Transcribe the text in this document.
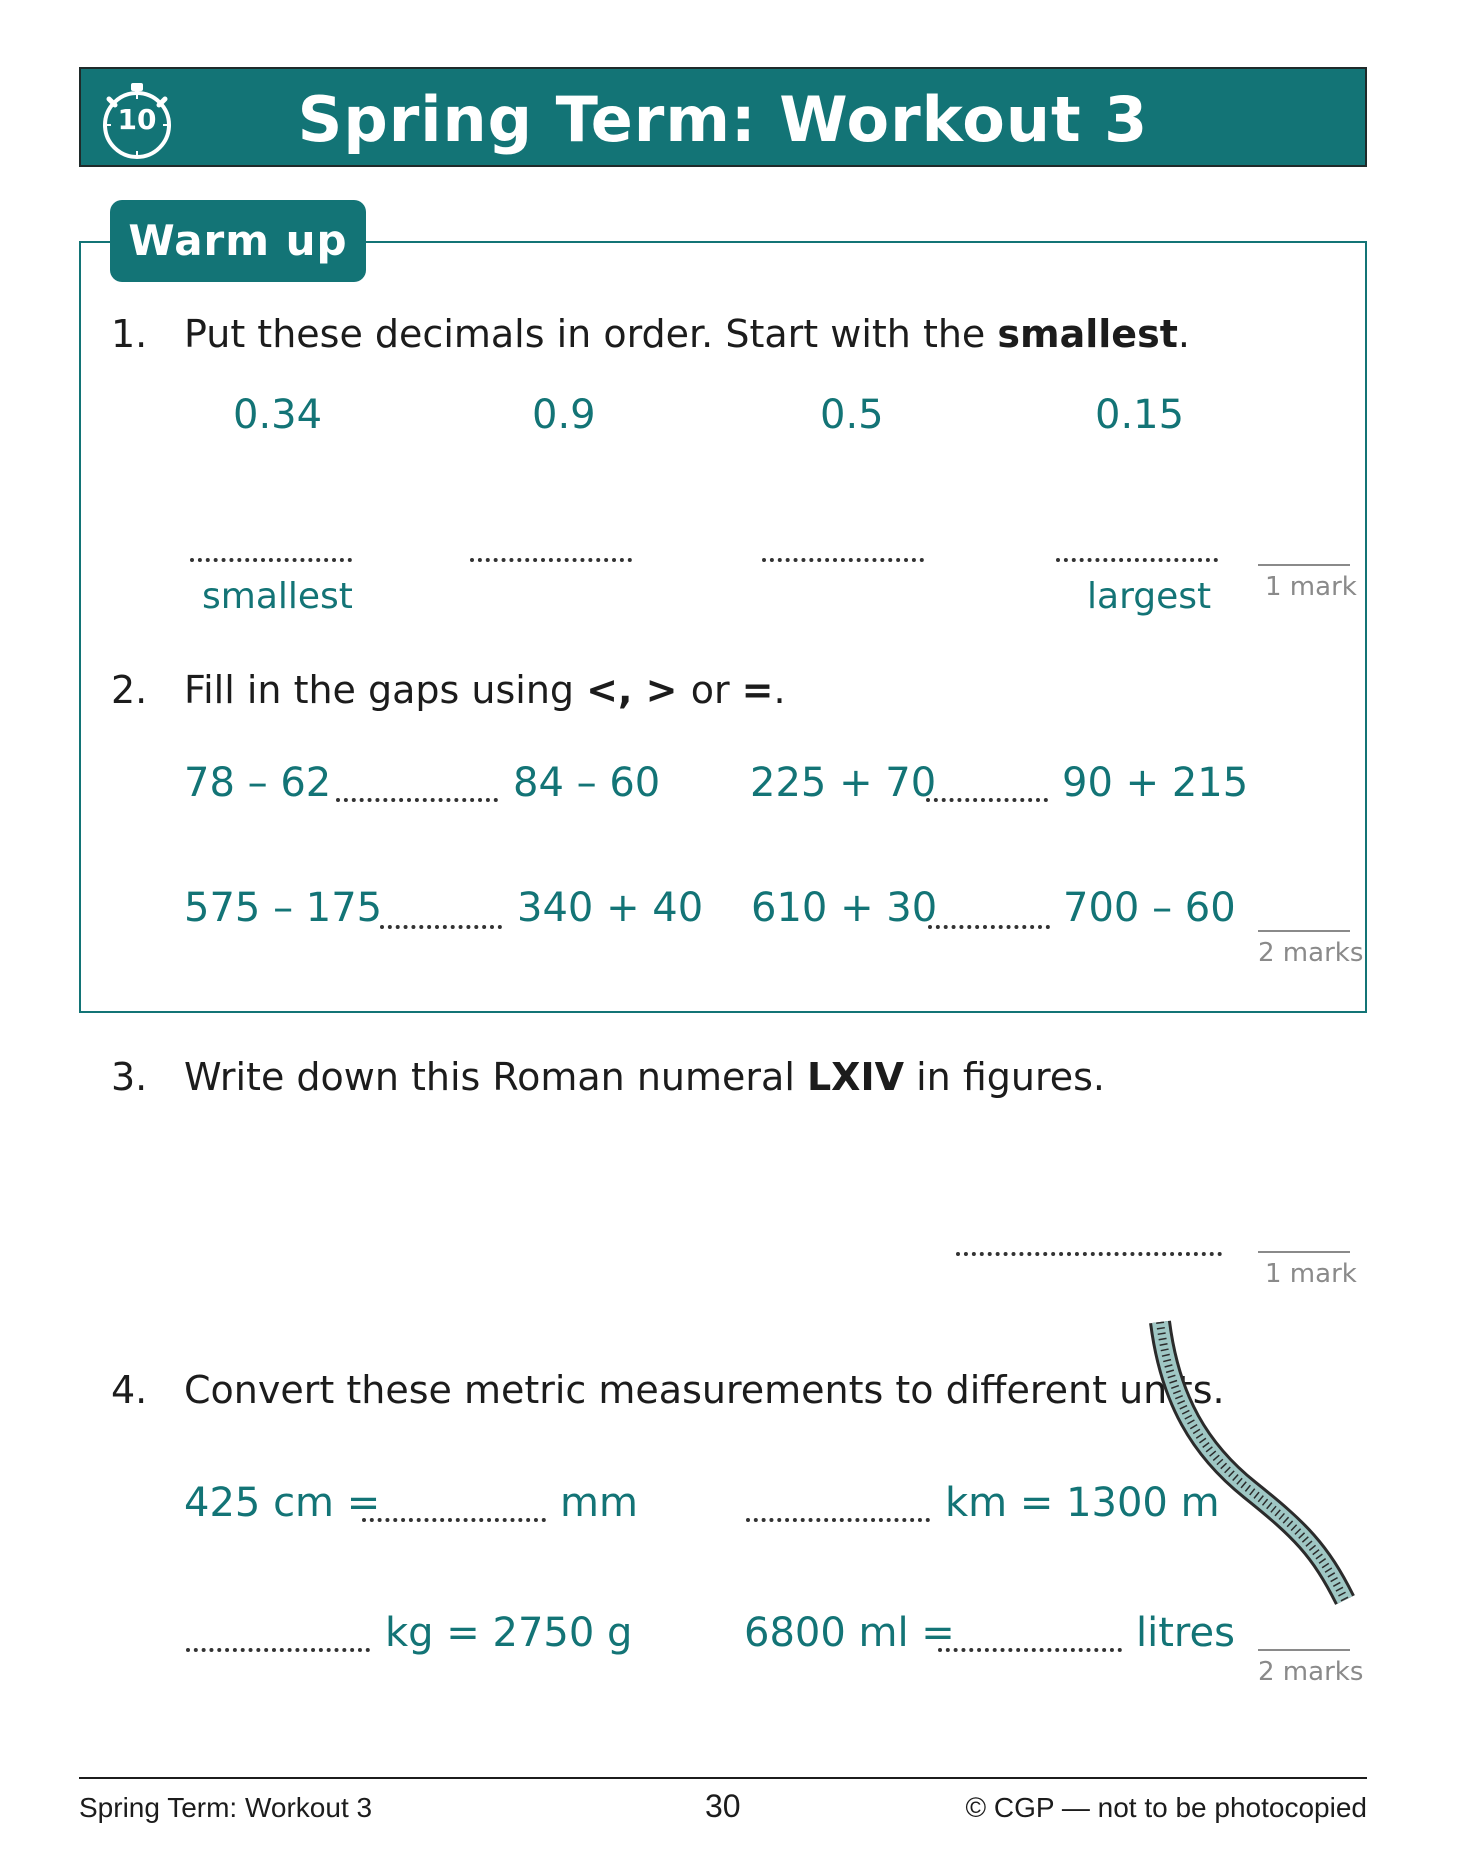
10	Spring Term: Workout 3
Warm up
1. Put these decimals in order. Start with the smallest.
0.34	0.9	0.5	0.15
smallest	largest 1 mark
2. Fill in the gaps using <, > or =.
78 – 62	84 – 60 225 + 70	90 + 215
575 – 175	340 + 40 610 + 30	700 – 60
2 marks
3. Write down this Roman numeral LXIV in figures.
1 mark
4. Convert these metric measurements to different units.
425 cm =	mm	km = 1300 m
kg = 2750 g	6800 ml =	litres
2 marks
Spring Term: Workout 3	30	© CGP — not to be photocopied
